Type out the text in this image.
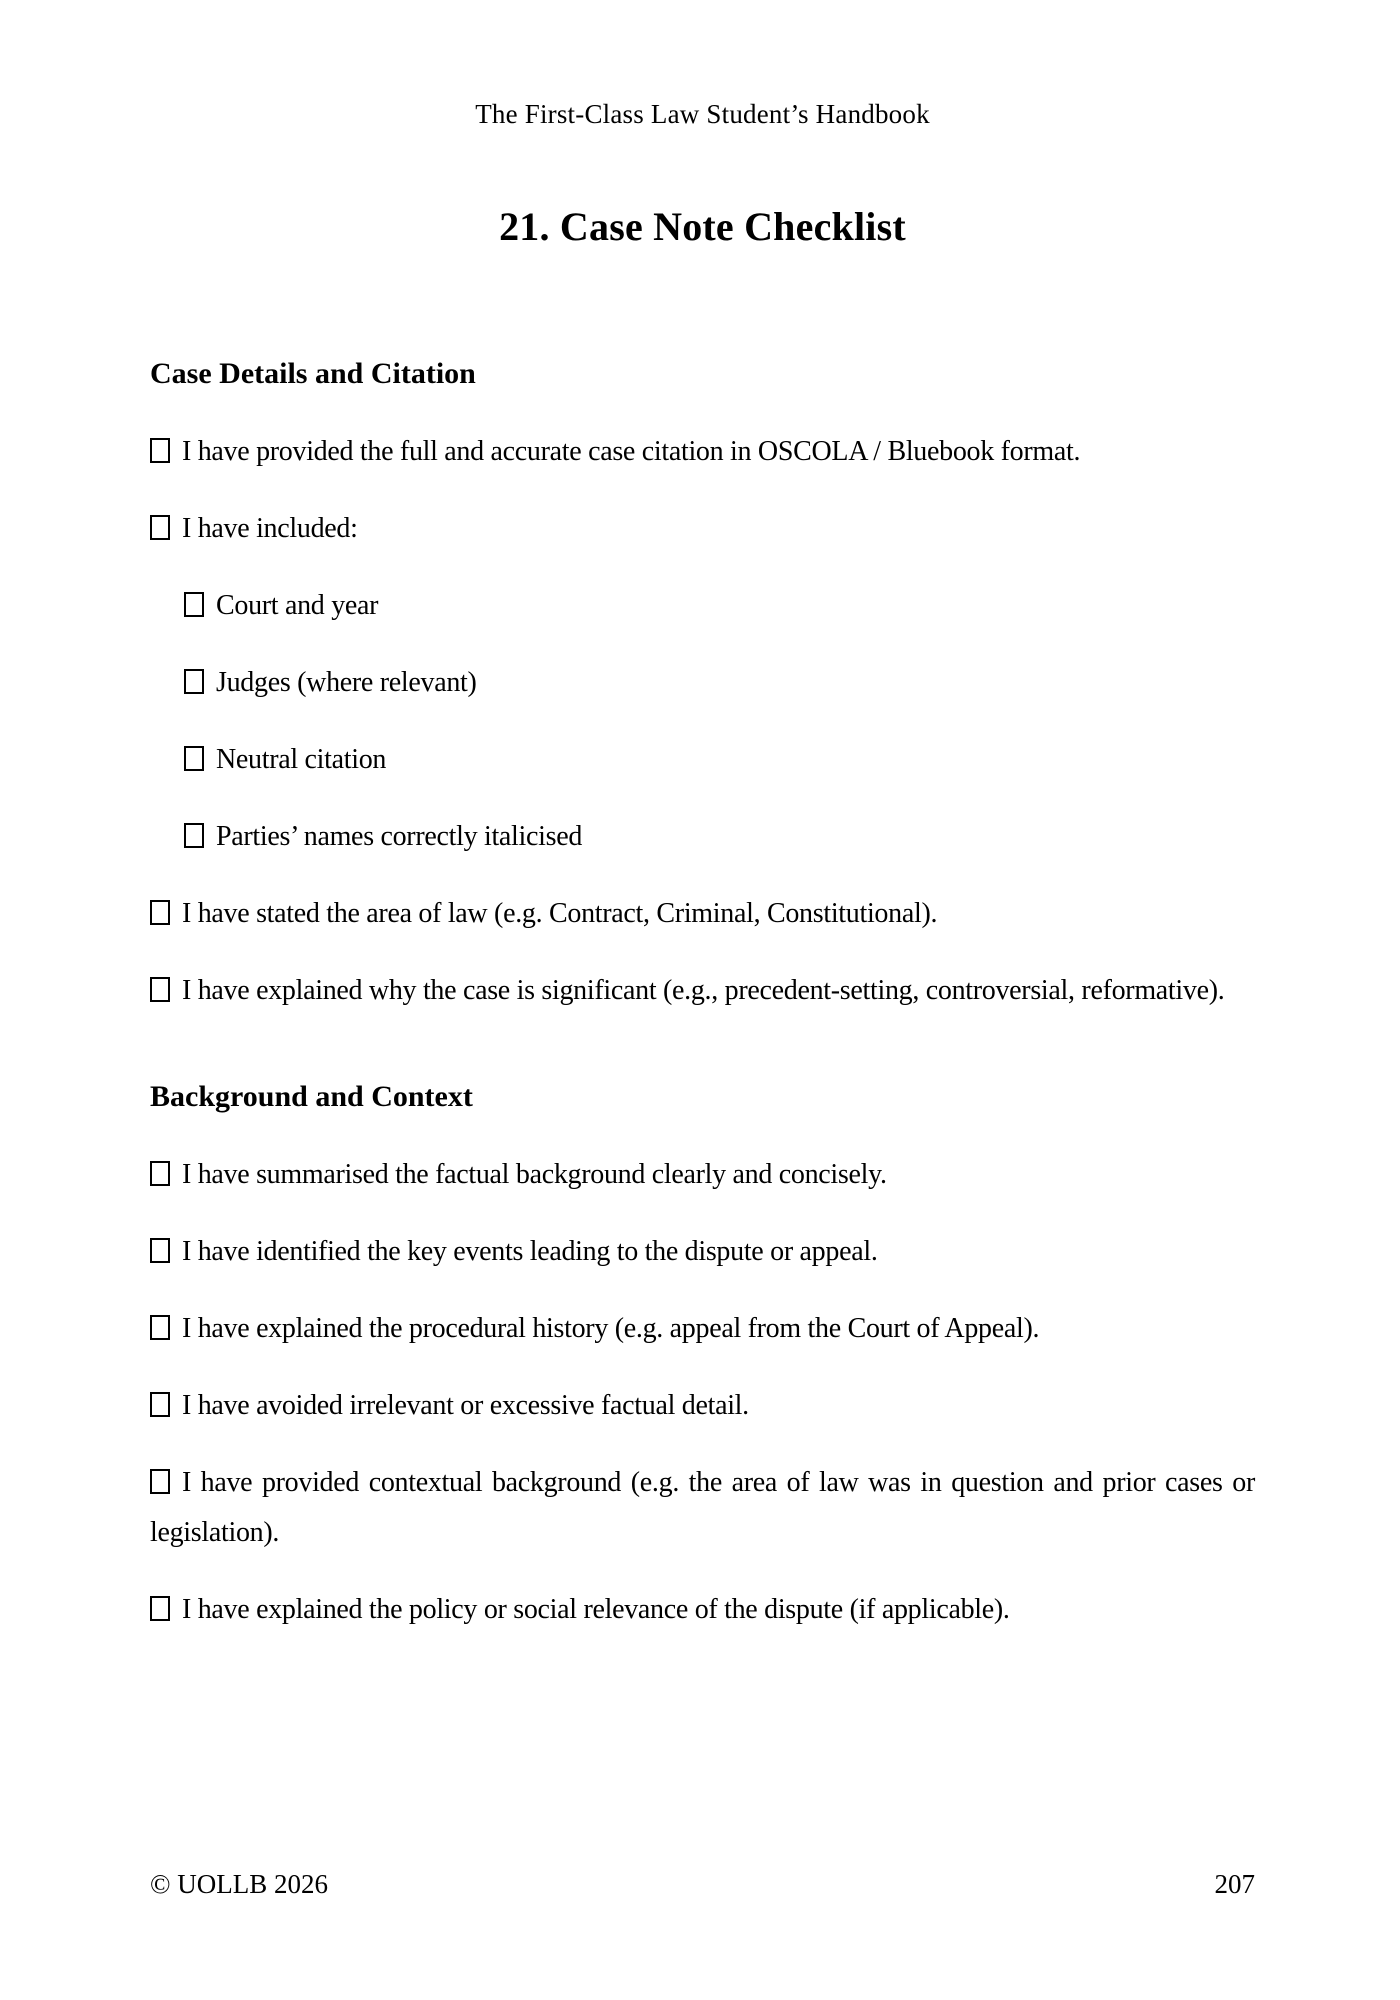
The First-Class Law Student’s Handbook
21. Case Note Checklist
Case Details and Citation

I have provided the full and accurate case citation in OSCOLA / Bluebook format.

I have included:

Court and year

Judges (where relevant)

Neutral citation

Parties’ names correctly italicised

I have stated the area of law (e.g. Contract, Criminal, Constitutional).

I have explained why the case is significant (e.g., precedent-setting, controversial, reformative).

Background and Context

I have summarised the factual background clearly and concisely.

I have identified the key events leading to the dispute or appeal.

I have explained the procedural history (e.g. appeal from the Court of Appeal).

I have avoided irrelevant or excessive factual detail.

I have provided contextual background (e.g. the area of law was in question and prior cases or legislation).

I have explained the policy or social relevance of the dispute (if applicable).

© UOLLB 2026	207
